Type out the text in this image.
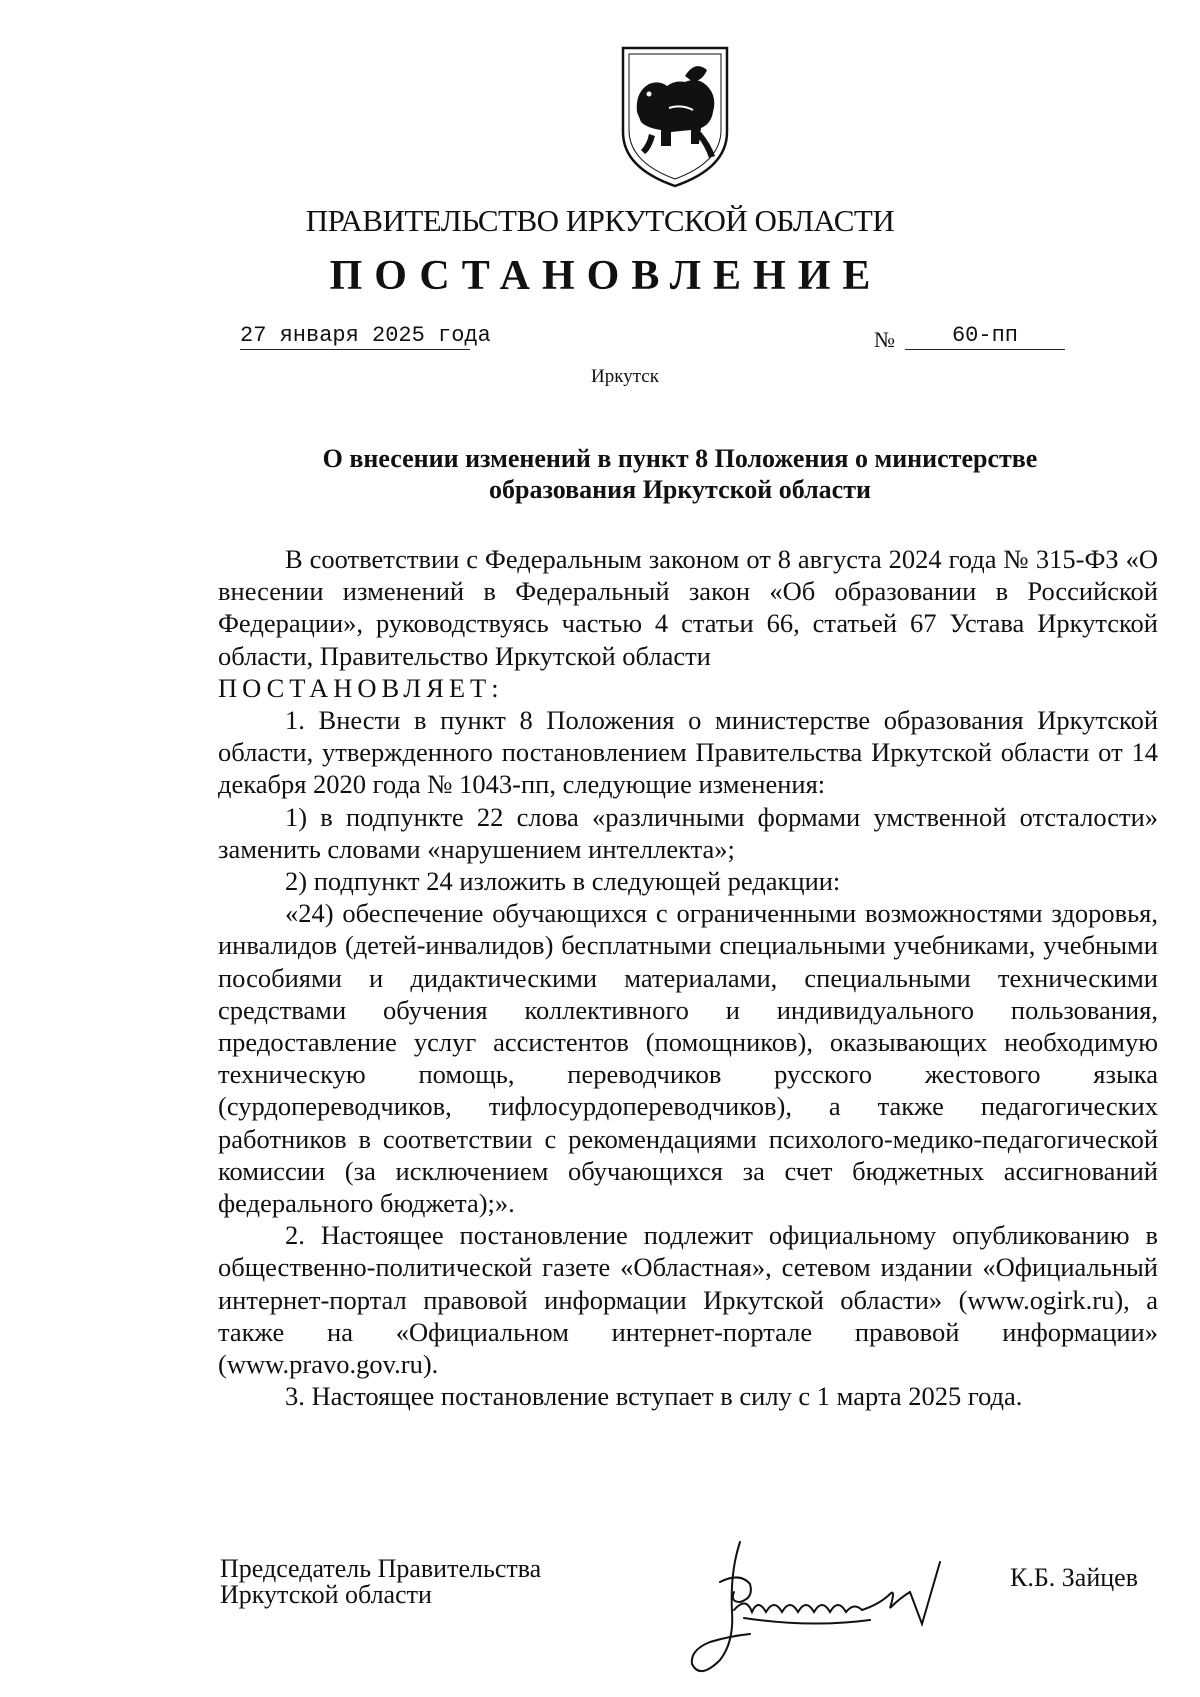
ПРАВИТЕЛЬСТВО ИРКУТСКОЙ ОБЛАСТИ
ПОСТАНОВЛЕНИЕ
27 января 2025 года	№	60-пп
Иркутск
О внесении изменений в пункт 8 Положения о министерстве
образования Иркутской области

В соответствии с Федеральным законом от 8 августа 2024 года № 315-ФЗ «О внесении изменений в Федеральный закон «Об образовании в Российской Федерации», руководствуясь частью 4 статьи 66, статьей 67 Устава Иркутской области, Правительство Иркутской области

ПОСТАНОВЛЯЕТ:

1. Внести в пункт 8 Положения о министерстве образования Иркутской области, утвержденного постановлением Правительства Иркутской области от 14 декабря 2020 года № 1043-пп, следующие изменения:

1) в подпункте 22 слова «различными формами умственной отсталости» заменить словами «нарушением интеллекта»;

2) подпункт 24 изложить в следующей редакции:

«24) обеспечение обучающихся с ограниченными возможностями здоровья, инвалидов (детей-инвалидов) бесплатными специальными учебниками, учебными пособиями и дидактическими материалами, специальными техническими средствами обучения коллективного и индивидуального пользования, предоставление услуг ассистентов (помощников), оказывающих необходимую техническую помощь, переводчиков русского жестового языка (сурдопереводчиков, тифлосурдопереводчиков), а также педагогических работников в соответствии с рекомендациями психолого-медико-педагогической комиссии (за исключением обучающихся за счет бюджетных ассигнований федерального бюджета);».

2. Настоящее постановление подлежит официальному опубликованию в общественно-политической газете «Областная», сетевом издании «Официальный интернет-портал правовой информации Иркутской области» (www.ogirk.ru), а также на «Официальном интернет-портале правовой информации» (www.pravo.gov.ru).

3. Настоящее постановление вступает в силу с 1 марта 2025 года.

Председатель Правительства
Иркутской области
К.Б. Зайцев
